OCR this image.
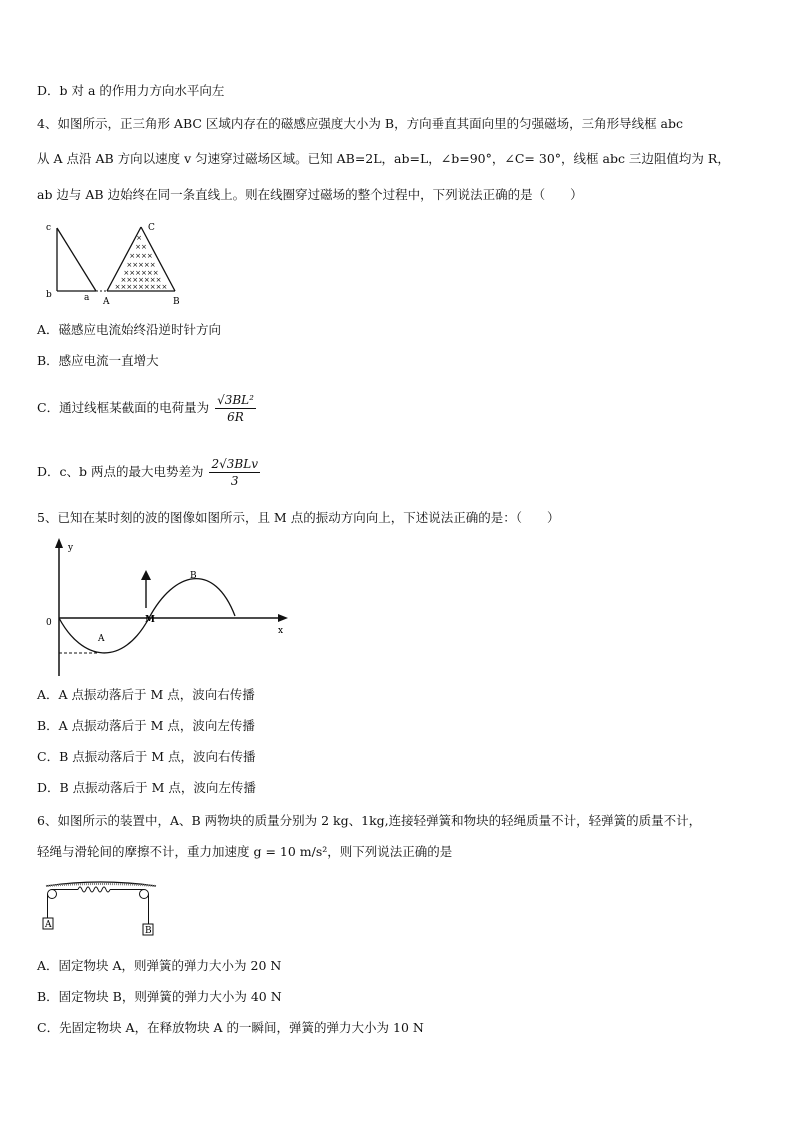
D．b 对 a 的作用力方向水平向左
4、如图所示，正三角形 ABC 区域内存在的磁感应强度大小为 B，方向垂直其面向里的匀强磁场，三角形导线框 abc
从 A 点沿 AB 方向以速度 v 匀速穿过磁场区域。已知 AB=2L，ab=L，∠b=90°，∠C= 30°，线框 abc 三边阻值均为 R，
ab 边与 AB 边始终在同一条直线上。则在线圈穿过磁场的整个过程中，下列说法正确的是（　　）
c
b	a A	B
C
×
××
××××
×××××
××××××
×××××××
×××××××××
A．磁感应电流始终沿逆时针方向
B．感应电流一直增大
C．通过线框某截面的电荷量为 $\frac{\text{√3BL²}}{6R}$
D．c、b 两点的最大电势差为 $\frac{\text{2√3BLv}}{3}$
5、已知在某时刻的波的图像如图所示，且 M 点的振动方向向上，下述说法正确的是：（　　）
y
x
0
A
B
M
A．A 点振动落后于 M 点，波向右传播
B．A 点振动落后于 M 点，波向左传播
C．B 点振动落后于 M 点，波向右传播
D．B 点振动落后于 M 点，波向左传播
6、如图所示的装置中，A、B 两物块的质量分别为 2 kg、1kg,连接轻弹簧和物块的轻绳质量不计，轻弹簧的质量不计，
轻绳与滑轮间的摩擦不计，重力加速度 g = 10 m/s²，则下列说法正确的是
A
B
A．固定物块 A，则弹簧的弹力大小为 20 N
B．固定物块 B，则弹簧的弹力大小为 40 N
C．先固定物块 A，在释放物块 A 的一瞬间，弹簧的弹力大小为 10 N
